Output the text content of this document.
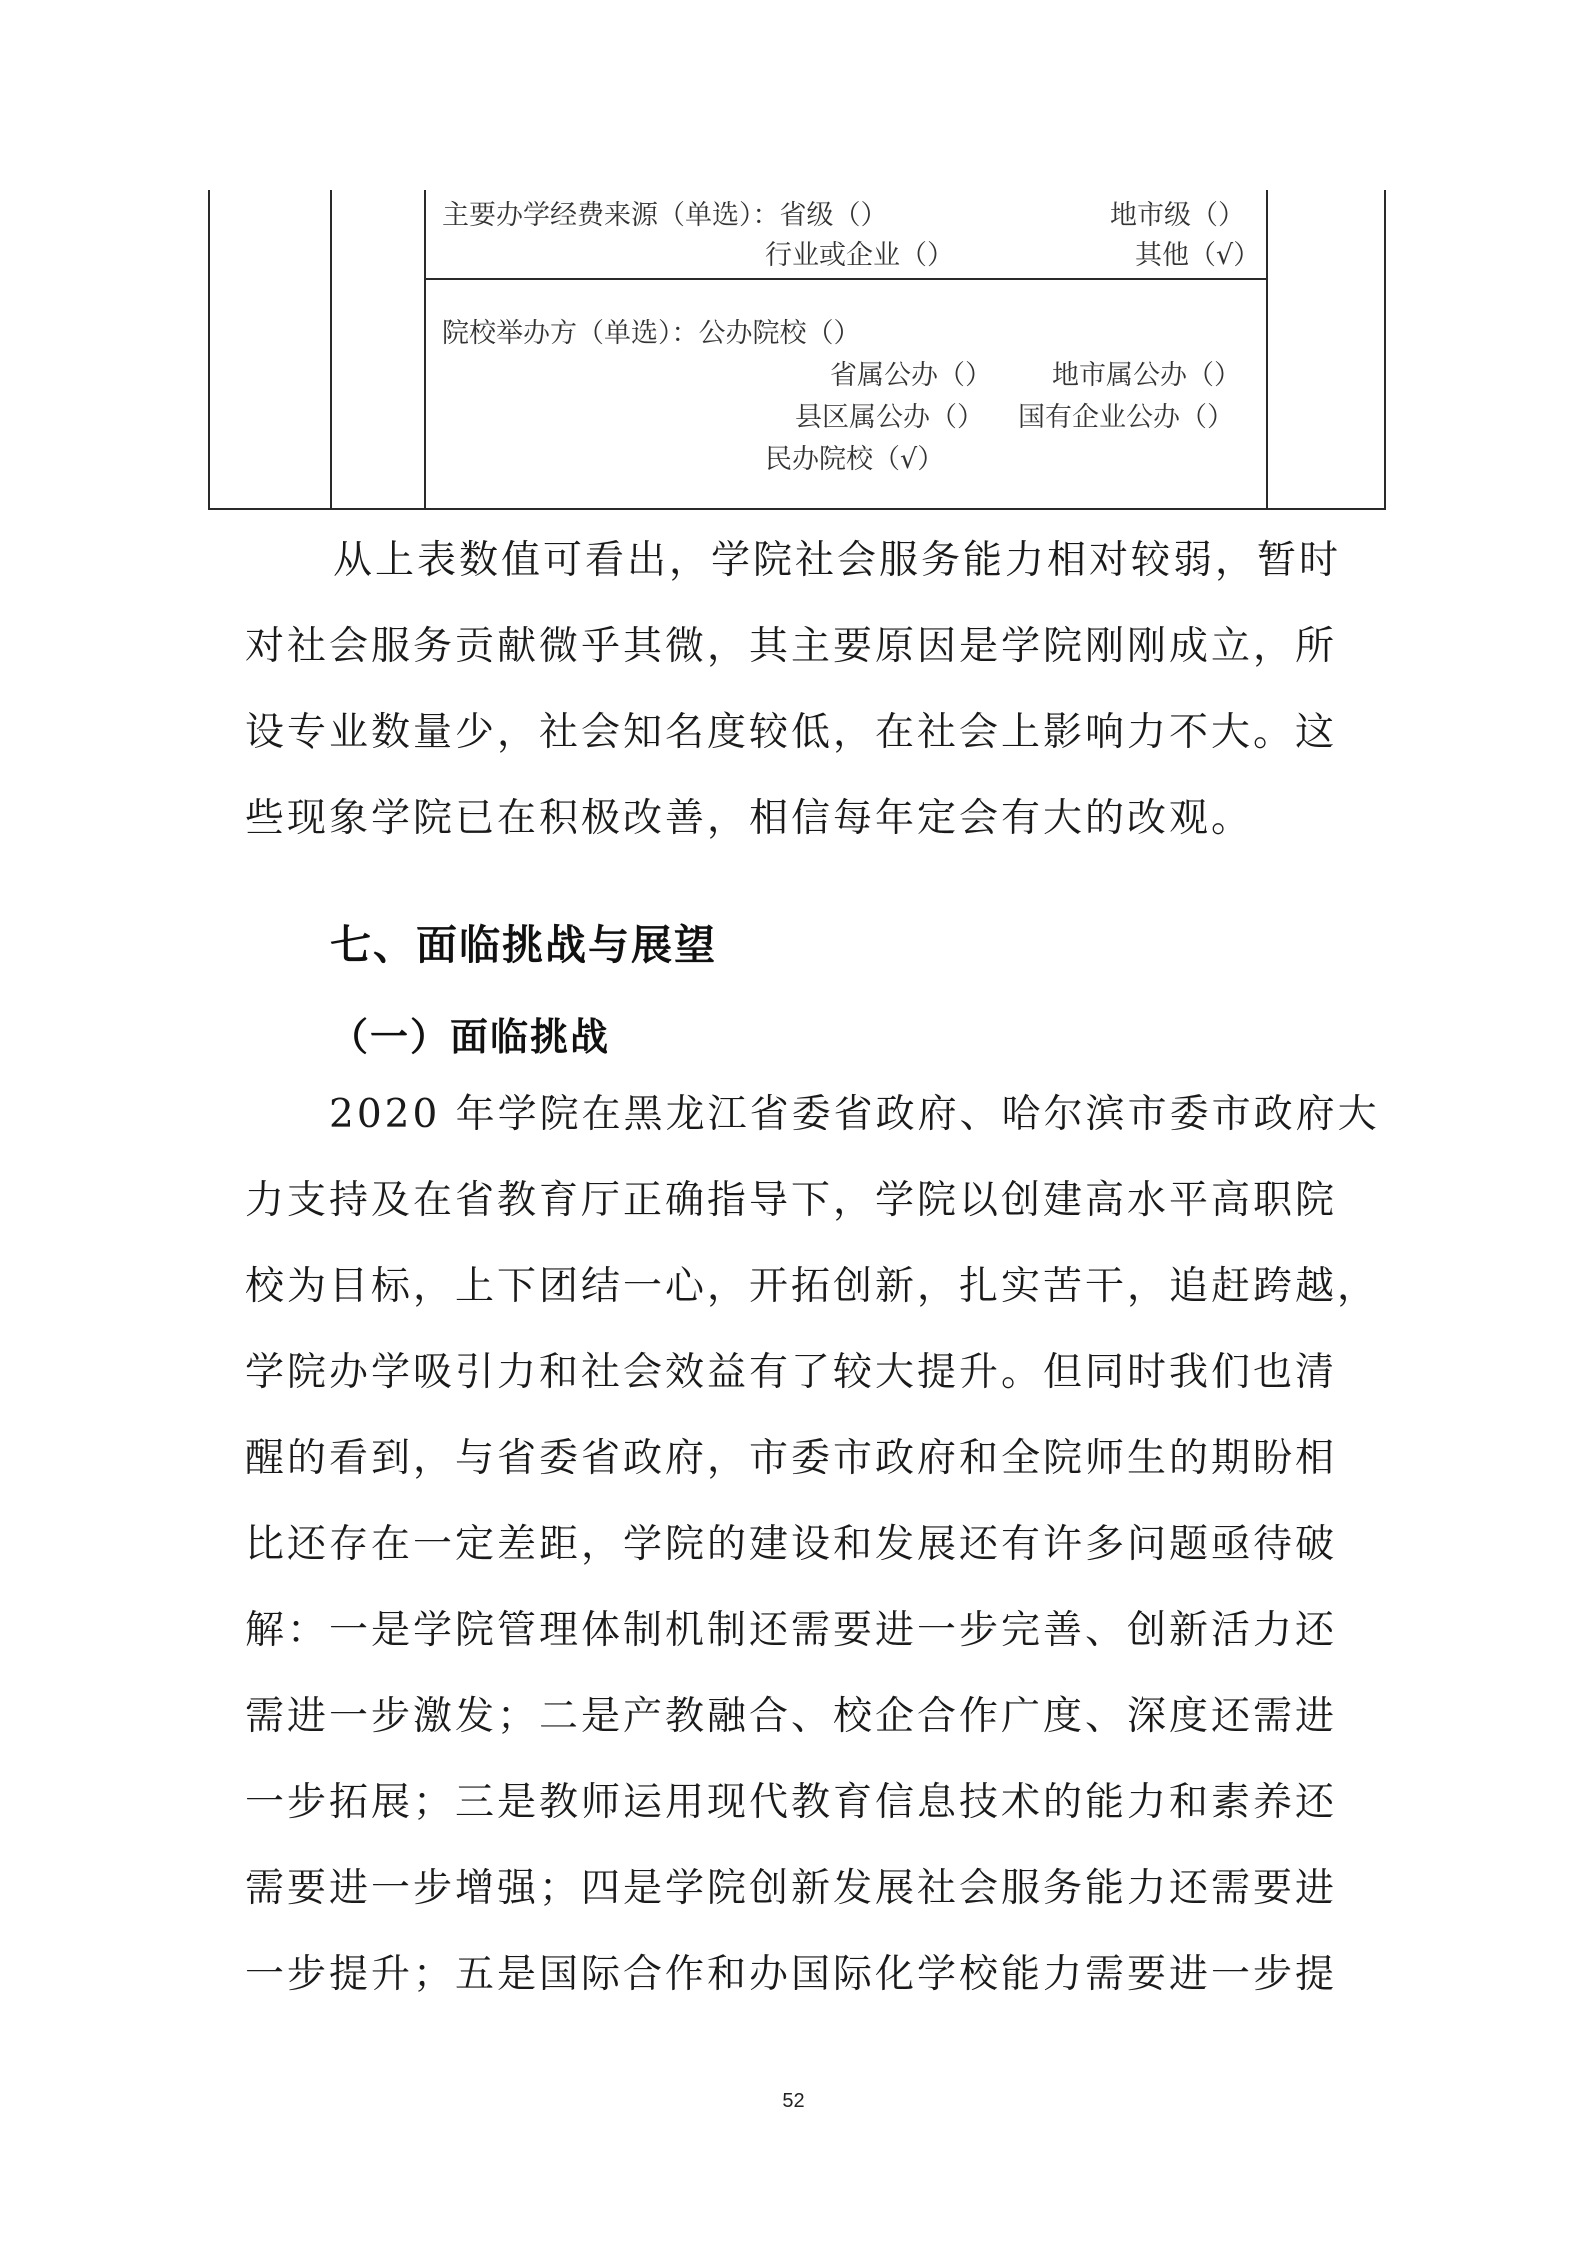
主要办学经费来源（单选）：省级（）	地市级（）
行业或企业（）	其他（√）
院校举办方（单选）：公办院校（）
省属公办（） 地市属公办（）
县区属公办（） 国有企业公办（）
民办院校（√）
从上表数值可看出，学院社会服务能力相对较弱，暂时
对社会服务贡献微乎其微，其主要原因是学院刚刚成立，所
设专业数量少，社会知名度较低，在社会上影响力不大。这
些现象学院已在积极改善，相信每年定会有大的改观。
七、面临挑战与展望
（一）面临挑战
2020 年学院在黑龙江省委省政府、哈尔滨市委市政府大
力支持及在省教育厅正确指导下，学院以创建高水平高职院
校为目标，上下团结一心，开拓创新，扎实苦干，追赶跨越，
学院办学吸引力和社会效益有了较大提升。但同时我们也清
醒的看到，与省委省政府，市委市政府和全院师生的期盼相
比还存在一定差距，学院的建设和发展还有许多问题亟待破
解：一是学院管理体制机制还需要进一步完善、创新活力还
需进一步激发；二是产教融合、校企合作广度、深度还需进
一步拓展；三是教师运用现代教育信息技术的能力和素养还
需要进一步增强；四是学院创新发展社会服务能力还需要进
一步提升；五是国际合作和办国际化学校能力需要进一步提
52
